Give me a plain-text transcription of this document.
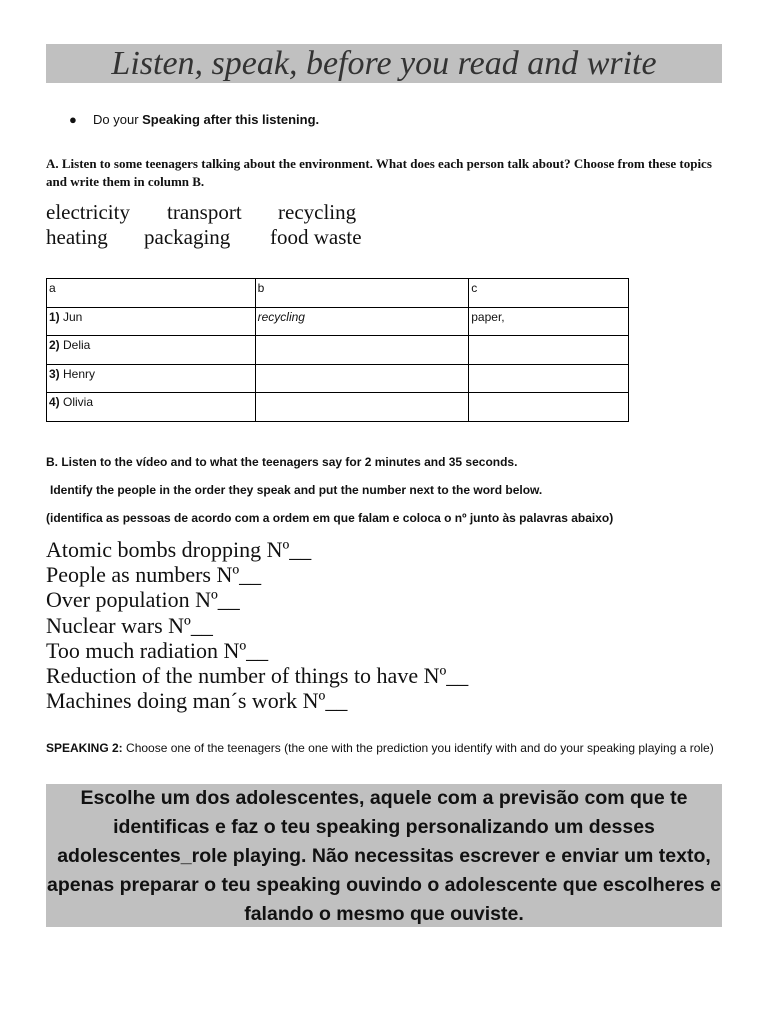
Listen, speak, before you read and write
● Do your Speaking after this listening.
A. Listen to some teenagers talking about the environment. What does each person talk about? Choose from these topics and write them in column B.
electricity transport recycling
heating packaging food waste
a	b	c
1) Jun	recycling	paper,
2) Delia		
3) Henry		
4) Olivia		
B. Listen to the vídeo and to what the teenagers say for 2 minutes and 35 seconds.
Identify the people in the order they speak and put the number next to the word below.
(identifica as pessoas de acordo com a ordem em que falam e coloca o nº junto às palavras abaixo)
Atomic bombs dropping Nº__
People as numbers Nº__
Over population Nº__
Nuclear wars Nº__
Too much radiation Nº__
Reduction of the number of things to have Nº__
Machines doing man´s work Nº__
SPEAKING 2: Choose one of the teenagers (the one with the prediction you identify with and do your speaking playing a role)
Escolhe um dos adolescentes, aquele com a previsão com que te identificas e faz o teu speaking personalizando um desses adolescentes_role playing. Não necessitas escrever e enviar um texto, apenas preparar o teu speaking ouvindo o adolescente que escolheres e falando o mesmo que ouviste.
